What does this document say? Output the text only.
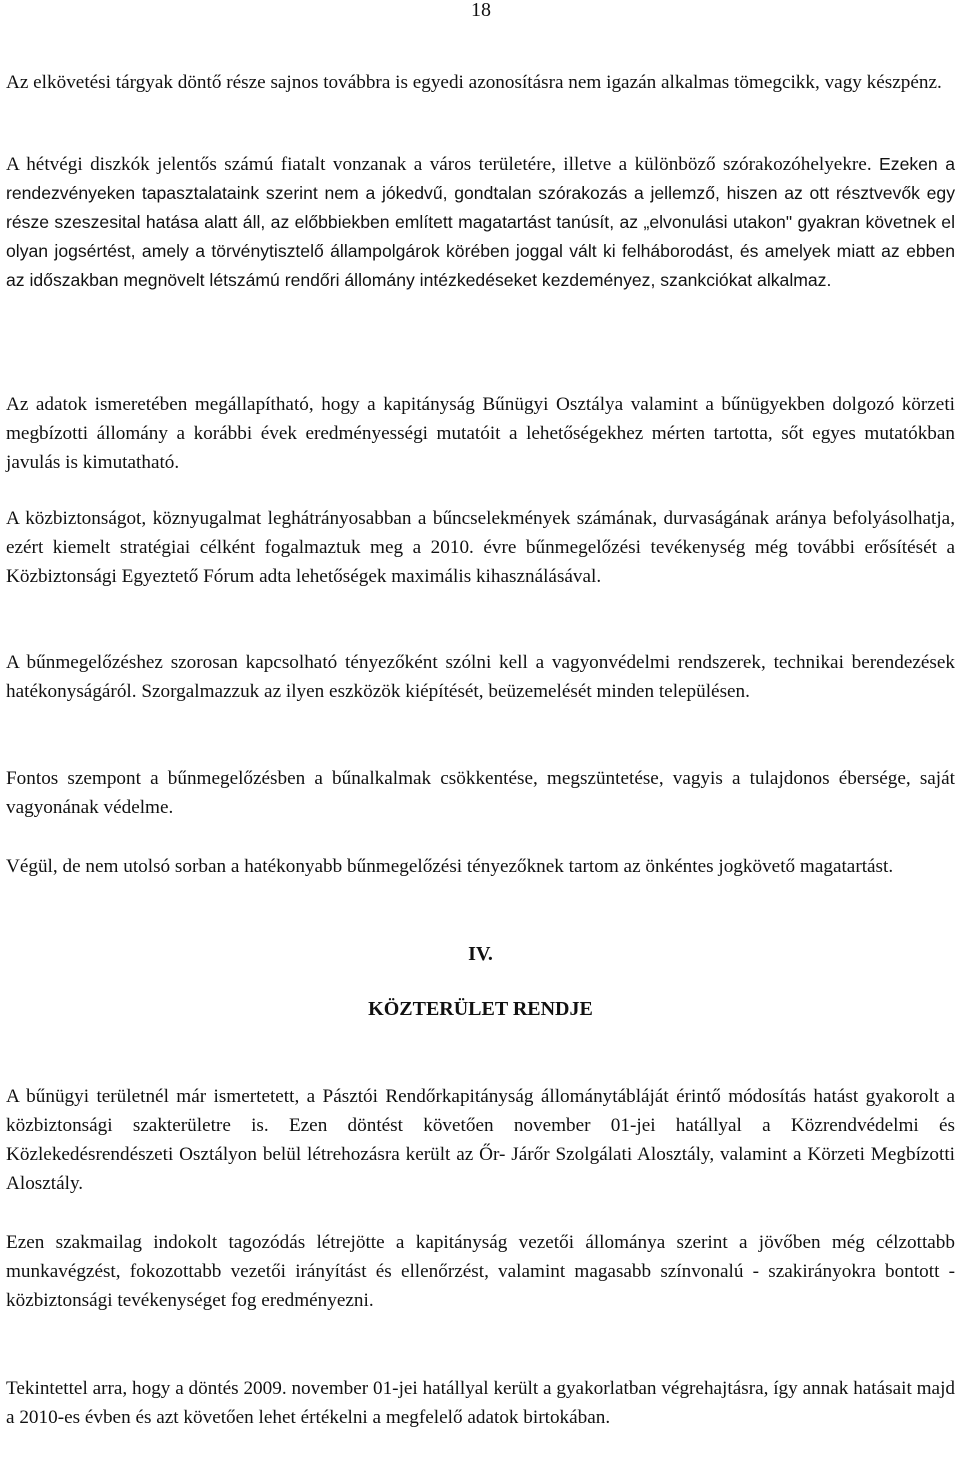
18

Az elkövetési tárgyak döntő része sajnos továbbra is egyedi azonosításra nem igazán alkalmas tömegcikk, vagy készpénz.

A hétvégi diszkók jelentős számú fiatalt vonzanak a város területére, illetve a különböző szórakozóhelyekre. Ezeken a rendezvényeken tapasztalataink szerint nem a jókedvű, gondtalan szórakozás a jellemző, hiszen az ott résztvevők egy része szeszesital hatása alatt áll, az előbbiekben említett magatartást tanúsít, az „elvonulási utakon" gyakran követnek el olyan jogsértést, amely a törvénytisztelő állampolgárok körében joggal vált ki felháborodást, és amelyek miatt az ebben az időszakban megnövelt létszámú rendőri állomány intézkedéseket kezdeményez, szankciókat alkalmaz.

Az adatok ismeretében megállapítható, hogy a kapitányság Bűnügyi Osztálya valamint a bűnügyekben dolgozó körzeti megbízotti állomány a korábbi évek eredményességi mutatóit a lehetőségekhez mérten tartotta, sőt egyes mutatókban javulás is kimutatható.

A közbiztonságot, köznyugalmat leghátrányosabban a bűncselekmények számának, durvaságának aránya befolyásolhatja, ezért kiemelt stratégiai célként fogalmaztuk meg a 2010. évre bűnmegelőzési tevékenység még további erősítését a Közbiztonsági Egyeztető Fórum adta lehetőségek maximális kihasználásával.

A bűnmegelőzéshez szorosan kapcsolható tényezőként szólni kell a vagyonvédelmi rendszerek, technikai berendezések hatékonyságáról. Szorgalmazzuk az ilyen eszközök kiépítését, beüzemelését minden településen.

Fontos szempont a bűnmegelőzésben a bűnalkalmak csökkentése, megszüntetése, vagyis a tulajdonos ébersége, saját vagyonának védelme.

Végül, de nem utolsó sorban a hatékonyabb bűnmegelőzési tényezőknek tartom az önkéntes jogkövető magatartást.

IV.
KÖZTERÜLET RENDJE

A bűnügyi területnél már ismertetett, a Pásztói Rendőrkapitányság állománytábláját érintő módosítás hatást gyakorolt a közbiztonsági szakterületre is. Ezen döntést követően november 01-jei hatállyal a Közrendvédelmi és Közlekedésrendészeti Osztályon belül létrehozásra került az Őr- Járőr Szolgálati Alosztály, valamint a Körzeti Megbízotti Alosztály.

Ezen szakmailag indokolt tagozódás létrejötte a kapitányság vezetői állománya szerint a jövőben még célzottabb munkavégzést, fokozottabb vezetői irányítást és ellenőrzést, valamint magasabb színvonalú - szakirányokra bontott - közbiztonsági tevékenységet fog eredményezni.

Tekintettel arra, hogy a döntés 2009. november 01-jei hatállyal került a gyakorlatban végrehajtásra, így annak hatásait majd a 2010-es évben és azt követően lehet értékelni a megfelelő adatok birtokában.
